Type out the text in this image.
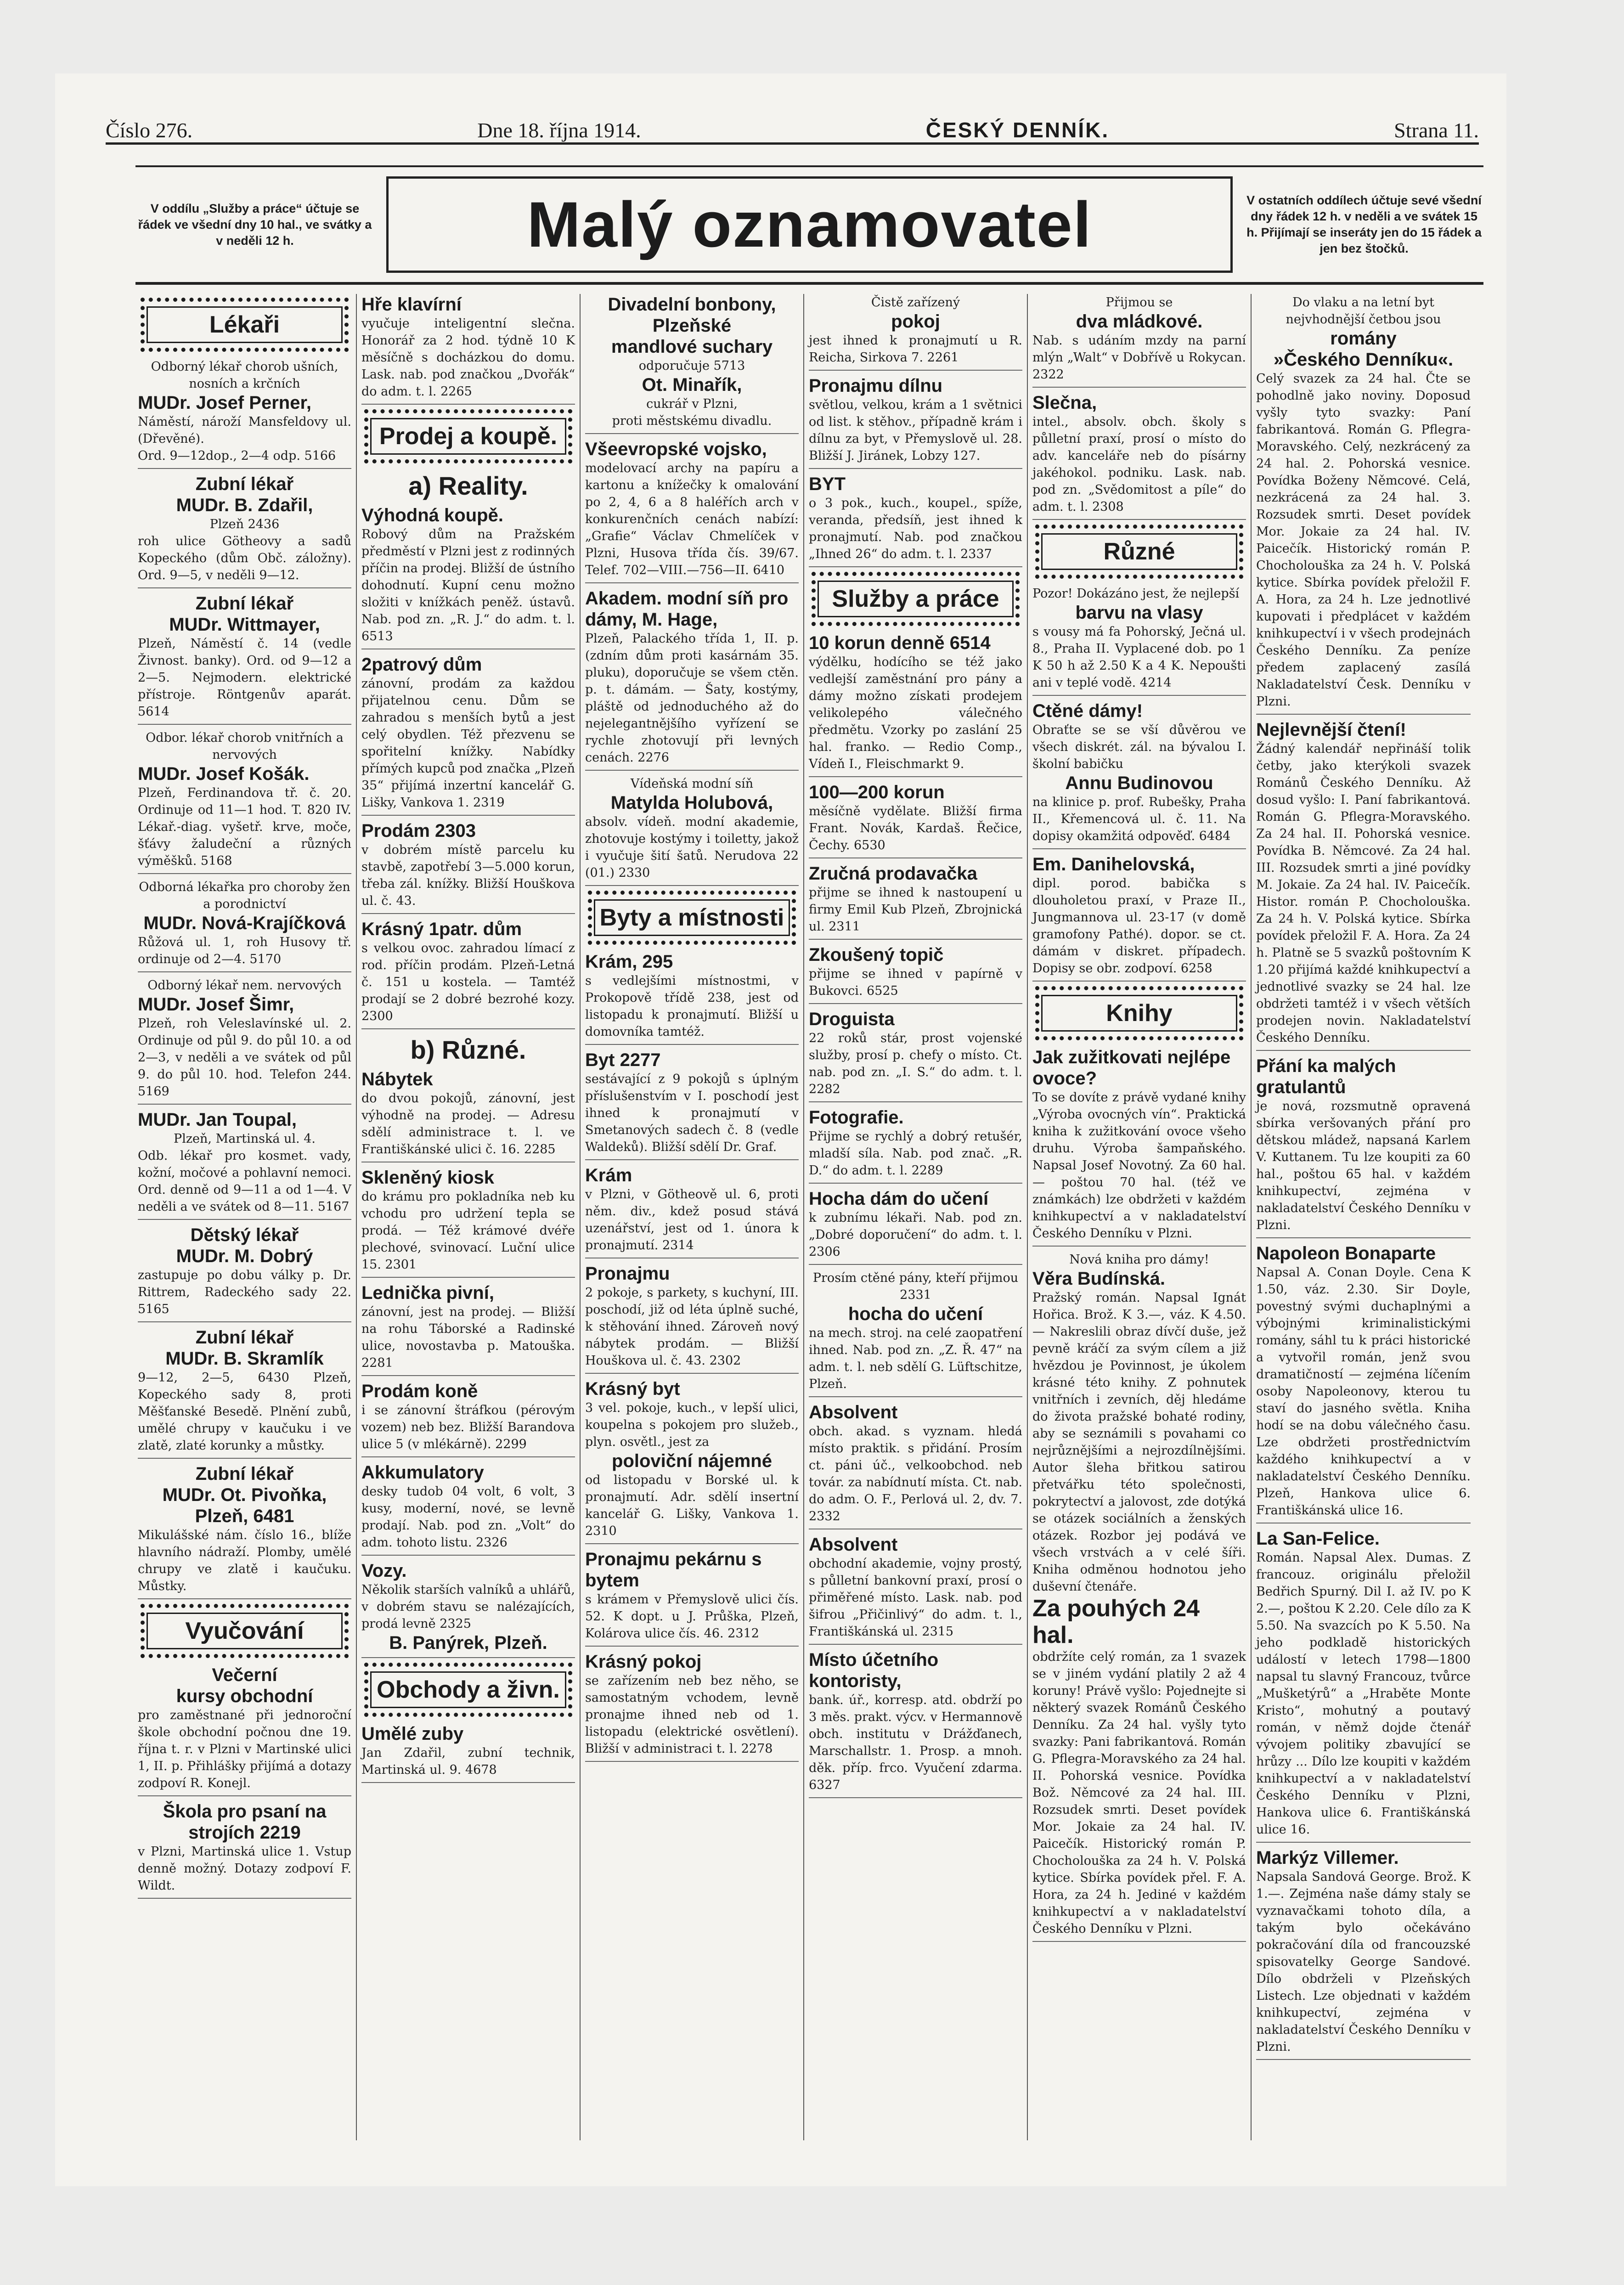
Číslo 276.	Dne 18. října 1914.	ČESKÝ DENNÍK.	Strana 11.
V oddílu „Služby a práce“ účtuje se řádek ve všední dny 10 hal., ve svátky a v neděli 12 h.	Malý oznamovatel	V ostatních oddílech účtuje sevé všední dny řádek 12 h. v neděli a ve svátek 15 h. Přijímají se inseráty jen do 15 řádek a jen bez štočků.
Lékaři
Odborný lékař chorob ušních, nosních a krčních
MUDr. Josef Perner,
Náměstí, nároží Mansfeldovy ul. (Dřevěné).
Ord. 9—12dop., 2—4 odp. 5166
Zubní lékař
MUDr. B. Zdařil,
Plzeň 2436
roh ulice Götheovy a sadů Kopeckého (dům Obč. záložny). Ord. 9—5, v neděli 9—12.
Zubní lékař
MUDr. Wittmayer,
Plzeň, Náměstí č. 14 (vedle Živnost. banky). Ord. od 9—12 a 2—5. Nejmodern. elektrické přístroje. Röntgenův aparát. 5614
Odbor. lékař chorob vnitřních a nervových
MUDr. Josef Košák.
Plzeň, Ferdinandova tř. č. 20. Ordinuje od 11—1 hod. T. 820 IV. Lékař.-diag. vyšetř. krve, moče, šťávy žaludeční a různých výměšků. 5168
Odborná lékařka pro choroby žen a porodnictví
MUDr. Nová-Krajíčková
Růžová ul. 1, roh Husovy tř. ordinuje od 2—4. 5170
Odborný lékař nem. nervových
MUDr. Josef Šimr,
Plzeň, roh Veleslavínské ul. 2. Ordinuje od půl 9. do půl 10. a od 2—3, v neděli a ve svátek od půl 9. do půl 10. hod. Telefon 244. 5169
MUDr. Jan Toupal,
Plzeň, Martinská ul. 4.
Odb. lékař pro kosmet. vady, kožní, močové a pohlavní nemoci. Ord. denně od 9—11 a od 1—4. V neděli a ve svátek od 8—11. 5167
Dětský lékař
MUDr. M. Dobrý
zastupuje po dobu války p. Dr. Rittrem, Radeckého sady 22. 5165
Zubní lékař
MUDr. B. Skramlík
9—12, 2—5, 6430 Plzeň, Kopeckého sady 8, proti Měšťanské Besedě. Plnění zubů, umělé chrupy v kaučuku i ve zlatě, zlaté korunky a můstky.
Zubní lékař
MUDr. Ot. Pivoňka,
Plzeň, 6481
Mikulášské nám. číslo 16., blíže hlavního nádraží. Plomby, umělé chrupy ve zlatě i kaučuku. Můstky.
Vyučování
Večerní
kursy obchodní
pro zaměstnané při jednoroční škole obchodní počnou dne 19. října t. r. v Plzni v Martinské ulici 1, II. p. Přihlášky přijímá a dotazy zodpoví R. Konejl.
Škola pro psaní na strojích 2219
v Plzni, Martinská ulice 1. Vstup denně možný. Dotazy zodpoví F. Wildt.
Hře klavírní
vyučuje inteligentní slečna. Honorář za 2 hod. týdně 10 K měsíčně s docházkou do domu. Lask. nab. pod značkou „Dvořák“ do adm. t. l. 2265
Prodej a koupě.
a) Reality.
Výhodná koupě.
Robový dům na Pražském předměstí v Plzni jest z rodinných příčin na prodej. Bližší de ústního dohodnutí. Kupní cenu možno složiti v knížkách peněž. ústavů. Nab. pod zn. „R. J.“ do adm. t. l. 6513
2patrový dům
zánovní, prodám za každou přijatelnou cenu. Dům se zahradou s menších bytů a jest celý obydlen. Též přezvenu se spořitelní knížky. Nabídky přímých kupců pod značka „Plzeň 35“ přijímá inzertní kancelář G. Lišky, Vankova 1. 2319
Prodám 2303
v dobrém místě parcelu ku stavbě, zapotřebí 3—5.000 korun, třeba zál. knížky. Bližší Houškova ul. č. 43.
Krásný 1patr. dům
s velkou ovoc. zahradou límací z rod. příčin prodám. Plzeň-Letná č. 151 u kostela. — Tamtéž prodají se 2 dobré bezrohé kozy. 2300
b) Různé.
Nábytek
do dvou pokojů, zánovní, jest výhodně na prodej. — Adresu sdělí administrace t. l. ve Františkánské ulici č. 16. 2285
Skleněný kiosk
do krámu pro pokladníka neb ku vchodu pro udržení tepla se prodá. — Též krámové dvéře plechové, svinovací. Luční ulice 15. 2301
Lednička pivní,
zánovní, jest na prodej. — Bližší na rohu Táborské a Radinské ulice, novostavba p. Matouška. 2281
Prodám koně
i se zánovní štráfkou (pérovým vozem) neb bez. Bližší Barandova ulice 5 (v mlékárně). 2299
Akkumulatory
desky tudob 04 volt, 6 volt, 3 kusy, moderní, nové, se levně prodají. Nab. pod zn. „Volt“ do adm. tohoto listu. 2326
Vozy.
Několik starších valníků a uhlářů, v dobrém stavu se nalézajících, prodá levně 2325
B. Panýrek, Plzeň.
Obchody a živn.
Umělé zuby
Jan Zdařil, zubní technik, Martinská ul. 9. 4678
Divadelní bonbony,
Plzeňské
mandlové suchary
odporučuje 5713
Ot. Minařík,
cukrář v Plzni,
proti městskému divadlu.
Všeevropské vojsko,
modelovací archy na papíru a kartonu a knížečky k omalování po 2, 4, 6 a 8 haléřích arch v konkurenčních cenách nabízí: „Grafie“ Václav Chmelíček v Plzni, Husova třída čís. 39/67. Telef. 702—VIII.—756—II. 6410
Akadem. modní síň pro dámy, M. Hage,
Plzeň, Palackého třída 1, II. p. (zdním dům proti kasárnám 35. pluku), doporučuje se všem ctěn. p. t. dámám. — Šaty, kostýmy, pláště od jednoduchého až do nejelegantnějšího vyřízení se rychle zhotovují při levných cenách. 2276
Vídeňská modní síň
Matylda Holubová,
absolv. vídeň. modní akademie, zhotovuje kostýmy i toiletty, jakož i vyučuje šití šatů. Nerudova 22 (01.) 2330
Byty a místnosti
Krám, 295
s vedlejšími místnostmi, v Prokopově třídě 238, jest od listopadu k pronajmutí. Bližší u domovníka tamtéž.
Byt 2277
sestávající z 9 pokojů s úplným příslušenstvím v I. poschodí jest ihned k pronajmutí v Smetanových sadech č. 8 (vedle Waldeků). Bližší sdělí Dr. Graf.
Krám
v Plzni, v Götheově ul. 6, proti něm. div., kdež posud stává uzenářství, jest od 1. února k pronajmutí. 2314
Pronajmu
2 pokoje, s parkety, s kuchyní, III. poschodí, již od léta úplně suché, k stěhování ihned. Zároveň nový nábytek prodám. — Bližší Houškova ul. č. 43. 2302
Krásný byt
3 vel. pokoje, kuch., v lepší ulici, koupelna s pokojem pro služeb., plyn. osvětl., jest za
poloviční nájemné
od listopadu v Borské ul. k pronajmutí. Adr. sdělí insertní kancelář G. Lišky, Vankova 1. 2310
Pronajmu pekárnu s bytem
s krámem v Přemyslově ulici čís. 52. K dopt. u J. Průška, Plzeň, Kolárova ulice čís. 46. 2312
Krásný pokoj
se zařízením neb bez něho, se samostatným vchodem, levně pronajme ihned neb od 1. listopadu (elektrické osvětlení). Bližší v administraci t. l. 2278
Čistě zařízený
pokoj
jest ihned k pronajmutí u R. Reicha, Sirkova 7. 2261
Pronajmu dílnu
světlou, velkou, krám a 1 světnici od list. k stěhov., případně krám i dílnu za byt, v Přemyslově ul. 28. Bližší J. Jiránek, Lobzy 127.
BYT
o 3 pok., kuch., koupel., spíže, veranda, předsíň, jest ihned k pronajmutí. Nab. pod značkou „Ihned 26“ do adm. t. l. 2337
Služby a práce
10 korun denně 6514
výdělku, hodícího se též jako vedlejší zaměstnání pro pány a dámy možno získati prodejem velikolepého válečného předmětu. Vzorky po zaslání 25 hal. franko. — Redio Comp., Vídeň I., Fleischmarkt 9.
100—200 korun
měsíčně vydělate. Bližší firma Frant. Novák, Kardaš. Řečice, Čechy. 6530
Zručná prodavačka
přijme se ihned k nastoupení u firmy Emil Kub Plzeň, Zbrojnická ul. 2311
Zkoušený topič
přijme se ihned v papírně v Bukovci. 6525
Droguista
22 roků stár, prost vojenské služby, prosí p. chefy o místo. Ct. nab. pod zn. „I. S.“ do adm. t. l. 2282
Fotografie.
Přijme se rychlý a dobrý retušér, mladší síla. Nab. pod znač. „R. D.“ do adm. t. l. 2289
Hocha dám do učení
k zubnímu lékaři. Nab. pod zn. „Dobré doporučení“ do adm. t. l. 2306
Prosím ctěné pány, kteří přijmou 2331
hocha do učení
na mech. stroj. na celé zaopatření ihned. Nab. pod zn. „Z. Ř. 47“ na adm. t. l. neb sdělí G. Lüftschitze, Plzeň.
Absolvent
obch. akad. s vyznam. hledá místo praktik. s přidání. Prosím ct. páni úč., velkoobchod. neb továr. za nabídnutí místa. Ct. nab. do adm. O. F., Perlová ul. 2, dv. 7. 2332
Absolvent
obchodní akademie, vojny prostý, s půlletní bankovní praxí, prosí o přiměřené místo. Lask. nab. pod šifrou „Přičinlivý“ do adm. t. l., Františkánská ul. 2315
Místo účetního kontoristy,
bank. úř., korresp. atd. obdrží po 3 měs. prakt. výcv. v Hermannově obch. institutu v Drážďanech, Marschallstr. 1. Prosp. a mnoh. děk. příp. frco. Vyučení zdarma. 6327
Přijmou se
dva mládkové.
Nab. s udáním mzdy na parní mlýn „Walt“ v Dobřívě u Rokycan. 2322
Slečna,
intel., absolv. obch. školy s půlletní praxí, prosí o místo do adv. kanceláře neb do písárny jakéhokol. podniku. Lask. nab. pod zn. „Svědomitost a píle“ do adm. t. l. 2308
Různé
Pozor! Dokázáno jest, že nejlepší
barvu na vlasy
s vousy má fa Pohorský, Ječná ul. 8., Praha II. Vyplacené dob. po 1 K 50 h až 2.50 K a 4 K. Nepoušti ani v teplé vodě. 4214
Ctěné dámy!
Obraťte se se vší důvěrou ve všech diskrét. zál. na bývalou I. školní babičku
Annu Budinovou
na klinice p. prof. Rubešky, Praha II., Křemencová ul. č. 11. Na dopisy okamžitá odpověď. 6484
Em. Danihelovská,
dipl. porod. babička s dlouholetou praxí, v Praze II., Jungmannova ul. 23-17 (v domě gramofony Pathé). dopor. se ct. dámám v diskret. případech. Dopisy se obr. zodpoví. 6258
Knihy
Jak zužitkovati nejlépe ovoce?
To se dovíte z právě vydané knihy „Výroba ovocných vín“. Praktická kniha k zužitkování ovoce všeho druhu. Výroba šampaňského. Napsal Josef Novotný. Za 60 hal. — poštou 70 hal. (též ve známkách) lze obdržeti v každém knihkupectví a v nakladatelství Českého Denníku v Plzni.
Nová kniha pro dámy!
Věra Budínská.
Pražský román. Napsal Ignát Hořica. Brož. K 3.—, váz. K 4.50. — Nakreslili obraz dívčí duše, jež pevně kráčí za svým cílem a již hvězdou je Povinnost, je úkolem krásné této knihy. Z pohnutek vnitřních i zevních, děj hledáme do života pražské bohaté rodiny, aby se seznámili s povahami co nejrůznějšími a nejrozdílnějšími. Autor šleha břitkou satirou přetvářku této společnosti, pokrytectví a jalovost, zde dotýká se otázek sociálních a ženských otázek. Rozbor jej podává ve všech vrstvách a v celé šíři. Kniha odměnou hodnotou jeho duševní čtenáře.
Za pouhých 24 hal.
obdržíte celý román, za 1 svazek se v jiném vydání platily 2 až 4 koruny! Právě vyšlo: Pojednejte si některý svazek Románů Českého Denníku. Za 24 hal. vyšly tyto svazky: Pani fabrikantová. Román G. Pflegra-Moravského za 24 hal. II. Pohorská vesnice. Povídka Bož. Němcové za 24 hal. III. Rozsudek smrti. Deset povídek Mor. Jokaie za 24 hal. IV. Paicečík. Historický román P. Chocholouška za 24 h. V. Polská kytice. Sbírka povídek přel. F. A. Hora, za 24 h. Jediné v každém knihkupectví a v nakladatelství Českého Denníku v Plzni.
Do vlaku a na letní byt nejvhodnější četbou jsou
romány
»Českého Denníku«.
Celý svazek za 24 hal. Čte se pohodlně jako noviny. Doposud vyšly tyto svazky: Paní fabrikantová. Román G. Pflegra-Moravského. Celý, nezkrácený za 24 hal. 2. Pohorská vesnice. Povídka Boženy Němcové. Celá, nezkrácená za 24 hal. 3. Rozsudek smrti. Deset povídek Mor. Jokaie za 24 hal. IV. Paicečík. Historický román P. Chocholouška za 24 h. V. Polská kytice. Sbírka povídek přeložil F. A. Hora, za 24 h. Lze jednotlivé kupovati i předplácet v každém knihkupectví i v všech prodejnách Českého Denníku. Za peníze předem zaplacený zasílá Nakladatelství Česk. Denníku v Plzni.
Nejlevnější čtení!
Žádný kalendář nepřináší tolik četby, jako kterýkoli svazek Románů Českého Denníku. Až dosud vyšlo: I. Paní fabrikantová. Román G. Pflegra-Moravského. Za 24 hal. II. Pohorská vesnice. Povídka B. Němcové. Za 24 hal. III. Rozsudek smrti a jiné povídky M. Jokaie. Za 24 hal. IV. Paicečík. Histor. román P. Chocholouška. Za 24 h. V. Polská kytice. Sbírka povídek přeložil F. A. Hora. Za 24 h. Platně se 5 svazků poštovním K 1.20 přijímá každé knihkupectví a jednotlivé svazky se 24 hal. lze obdržeti tamtéž i v všech větších prodejen novin. Nakladatelství Českého Denníku.
Přání ka malých gratulantů
je nová, rozsmutně opravená sbírka veršovaných přání pro dětskou mládež, napsaná Karlem V. Kuttanem. Tu lze koupiti za 60 hal., poštou 65 hal. v každém knihkupectví, zejména v nakladatelství Českého Denníku v Plzni.
Napoleon Bonaparte
Napsal A. Conan Doyle. Cena K 1.50, váz. 2.30. Sir Doyle, povestný svými duchaplnými a výbojnými kriminalistickými romány, sáhl tu k práci historické a vytvořil román, jenž svou dramatičností — zejména líčením osoby Napoleonovy, kterou tu staví do jasného světla. Kniha hodí se na dobu válečného času. Lze obdržeti prostřednictvím každého knihkupectví a v nakladatelství Českého Denníku. Plzeň, Hankova ulice 6. Františkánská ulice 16.
La San-Felice.
Román. Napsal Alex. Dumas. Z francouz. originálu přeložil Bedřich Spurný. Dil I. až IV. po K 2.—, poštou K 2.20. Cele dílo za K 5.50. Na svazcích po K 5.50. Na jeho podkladě historických událostí v letech 1798—1800 napsal tu slavný Francouz, tvůrce „Mušketýrů“ a „Hraběte Monte Kristo“, mohutný a poutavý román, v němž dojde čtenář vývojem politiky zbavující se hrůzy ... Dílo lze koupiti v každém knihkupectví a v nakladatelství Českého Denníku v Plzni, Hankova ulice 6. Františkánská ulice 16.
Markýz Villemer.
Napsala Sandová George. Brož. K 1.—. Zejména naše dámy staly se vyznavačkami tohoto díla, a takým bylo očekáváno pokračování díla od francouzské spisovatelky George Sandové. Dílo obdrželi v Plzeňských Listech. Lze objednati v každém knihkupectví, zejména v nakladatelství Českého Denníku v Plzni.
